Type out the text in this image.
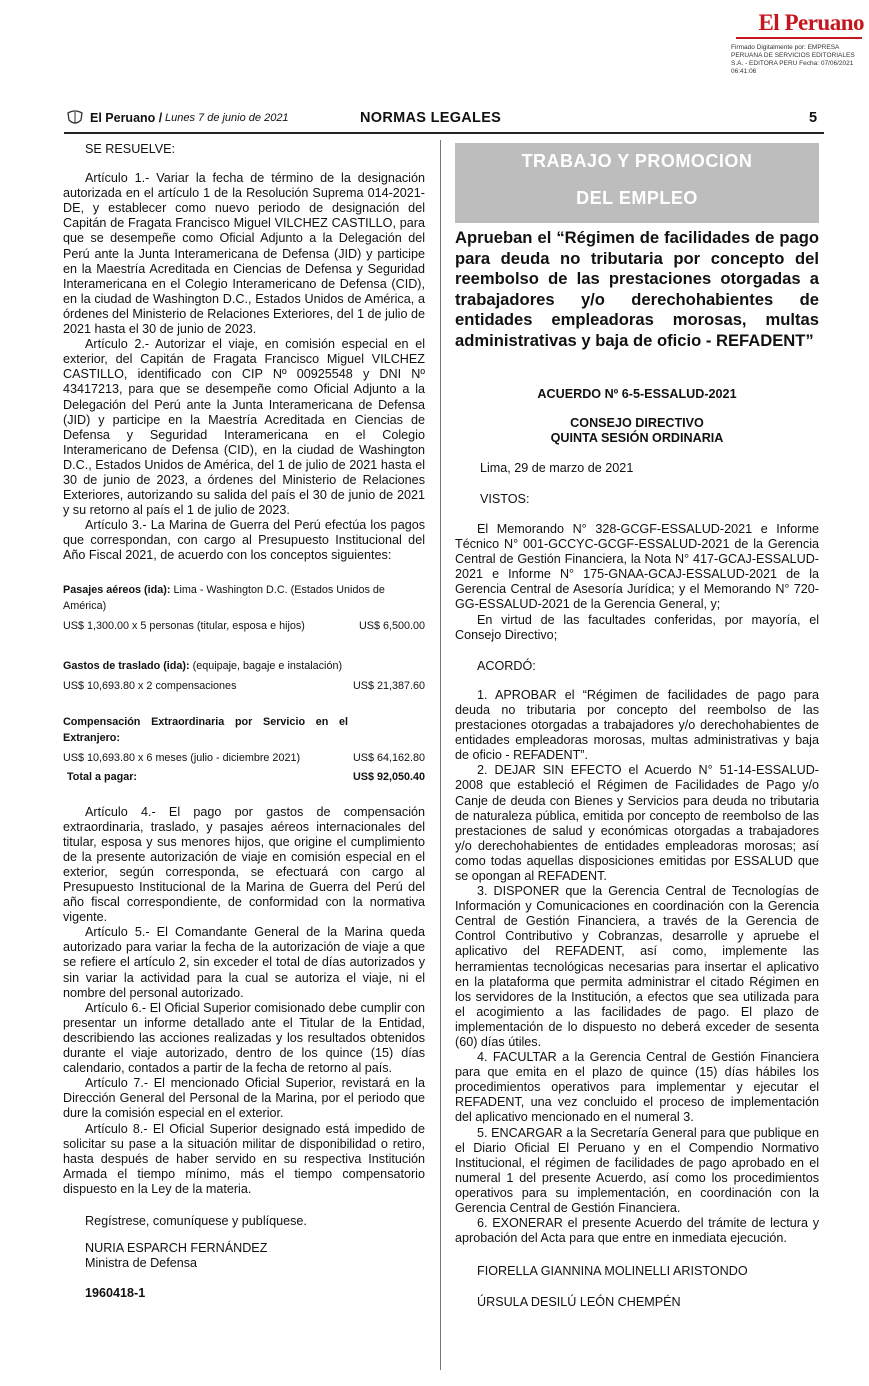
El Peruano
Firmado Digitalmente por: EMPRESA PERUANA DE SERVICIOS EDITORIALES S.A. - EDITORA PERU Fecha: 07/06/2021 06:41:06
El Peruano / Lunes 7 de junio de 2021	NORMAS LEGALES	5

SE RESUELVE:

Artículo 1.- Variar la fecha de término de la designación autorizada en el artículo 1 de la Resolución Suprema 014-2021-DE, y establecer como nuevo periodo de designación del Capitán de Fragata Francisco Miguel VILCHEZ CASTILLO, para que se desempeñe como Oficial Adjunto a la Delegación del Perú ante la Junta Interamericana de Defensa (JID) y participe en la Maestría Acreditada en Ciencias de Defensa y Seguridad Interamericana en el Colegio Interamericano de Defensa (CID), en la ciudad de Washington D.C., Estados Unidos de América, a órdenes del Ministerio de Relaciones Exteriores, del 1 de julio de 2021 hasta el 30 de junio de 2023.

Artículo 2.- Autorizar el viaje, en comisión especial en el exterior, del Capitán de Fragata Francisco Miguel VILCHEZ CASTILLO, identificado con CIP Nº 00925548 y DNI Nº 43417213, para que se desempeñe como Oficial Adjunto a la Delegación del Perú ante la Junta Interamericana de Defensa (JID) y participe en la Maestría Acreditada en Ciencias de Defensa y Seguridad Interamericana en el Colegio Interamericano de Defensa (CID), en la ciudad de Washington D.C., Estados Unidos de América, del 1 de julio de 2021 hasta el 30 de junio de 2023, a órdenes del Ministerio de Relaciones Exteriores, autorizando su salida del país el 30 de junio de 2021 y su retorno al país el 1 de julio de 2023.

Artículo 3.- La Marina de Guerra del Perú efectúa los pagos que correspondan, con cargo al Presupuesto Institucional del Año Fiscal 2021, de acuerdo con los conceptos siguientes:

Pasajes aéreos (ida): Lima - Washington D.C. (Estados Unidos de América)
US$ 1,300.00 x 5 personas (titular, esposa e hijos)	US$ 6,500.00
Gastos de traslado (ida): (equipaje, bagaje e instalación)
US$ 10,693.80 x 2 compensaciones	US$ 21,387.60
Compensación Extraordinaria por Servicio en el Extranjero:
US$ 10,693.80 x 6 meses (julio - diciembre 2021)	US$ 64,162.80
Total a pagar:	US$ 92,050.40

Artículo 4.- El pago por gastos de compensación extraordinaria, traslado, y pasajes aéreos internacionales del titular, esposa y sus menores hijos, que origine el cumplimiento de la presente autorización de viaje en comisión especial en el exterior, según corresponda, se efectuará con cargo al Presupuesto Institucional de la Marina de Guerra del Perú del año fiscal correspondiente, de conformidad con la normativa vigente.

Artículo 5.- El Comandante General de la Marina queda autorizado para variar la fecha de la autorización de viaje a que se refiere el artículo 2, sin exceder el total de días autorizados y sin variar la actividad para la cual se autoriza el viaje, ni el nombre del personal autorizado.

Artículo 6.- El Oficial Superior comisionado debe cumplir con presentar un informe detallado ante el Titular de la Entidad, describiendo las acciones realizadas y los resultados obtenidos durante el viaje autorizado, dentro de los quince (15) días calendario, contados a partir de la fecha de retorno al país.

Artículo 7.- El mencionado Oficial Superior, revistará en la Dirección General del Personal de la Marina, por el periodo que dure la comisión especial en el exterior.

Artículo 8.- El Oficial Superior designado está impedido de solicitar su pase a la situación militar de disponibilidad o retiro, hasta después de haber servido en su respectiva Institución Armada el tiempo mínimo, más el tiempo compensatorio dispuesto en la Ley de la materia.

Regístrese, comuníquese y publíquese.

NURIA ESPARCH FERNÁNDEZ

Ministra de Defensa

1960418-1

TRABAJO Y PROMOCION
DEL EMPLEO
Aprueban el “Régimen de facilidades de pago para deuda no tributaria por concepto del reembolso de las prestaciones otorgadas a trabajadores y/o derechohabientes de entidades empleadoras morosas, multas administrativas y baja de oficio - REFADENT”
ACUERDO Nº 6-5-ESSALUD-2021
CONSEJO DIRECTIVO
QUINTA SESIÓN ORDINARIA
Lima, 29 de marzo de 2021
VISTOS:

El Memorando N° 328-GCGF-ESSALUD-2021 e Informe Técnico N° 001-GCCYC-GCGF-ESSALUD-2021 de la Gerencia Central de Gestión Financiera, la Nota N° 417-GCAJ-ESSALUD-2021 e Informe N° 175-GNAA-GCAJ-ESSALUD-2021 de la Gerencia Central de Asesoría Jurídica; y el Memorando N° 720-GG-ESSALUD-2021 de la Gerencia General, y;

En virtud de las facultades conferidas, por mayoría, el Consejo Directivo;

ACORDÓ:

1. APROBAR el “Régimen de facilidades de pago para deuda no tributaria por concepto del reembolso de las prestaciones otorgadas a trabajadores y/o derechohabientes de entidades empleadoras morosas, multas administrativas y baja de oficio - REFADENT”.

2. DEJAR SIN EFECTO el Acuerdo N° 51-14-ESSALUD-2008 que estableció el Régimen de Facilidades de Pago y/o Canje de deuda con Bienes y Servicios para deuda no tributaria de naturaleza pública, emitida por concepto de reembolso de las prestaciones de salud y económicas otorgadas a trabajadores y/o derechohabientes de entidades empleadoras morosas; así como todas aquellas disposiciones emitidas por ESSALUD que se opongan al REFADENT.

3. DISPONER que la Gerencia Central de Tecnologías de Información y Comunicaciones en coordinación con la Gerencia Central de Gestión Financiera, a través de la Gerencia de Control Contributivo y Cobranzas, desarrolle y apruebe el aplicativo del REFADENT, así como, implemente las herramientas tecnológicas necesarias para insertar el aplicativo en la plataforma que permita administrar el citado Régimen en los servidores de la Institución, a efectos que sea utilizada para el acogimiento a las facilidades de pago. El plazo de implementación de lo dispuesto no deberá exceder de sesenta (60) días útiles.

4. FACULTAR a la Gerencia Central de Gestión Financiera para que emita en el plazo de quince (15) días hábiles los procedimientos operativos para implementar y ejecutar el REFADENT, una vez concluido el proceso de implementación del aplicativo mencionado en el numeral 3.

5. ENCARGAR a la Secretaría General para que publique en el Diario Oficial El Peruano y en el Compendio Normativo Institucional, el régimen de facilidades de pago aprobado en el numeral 1 del presente Acuerdo, así como los procedimientos operativos para su implementación, en coordinación con la Gerencia Central de Gestión Financiera.

6. EXONERAR el presente Acuerdo del trámite de lectura y aprobación del Acta para que entre en inmediata ejecución.

FIORELLA GIANNINA MOLINELLI ARISTONDO

ÚRSULA DESILÚ LEÓN CHEMPÉN
